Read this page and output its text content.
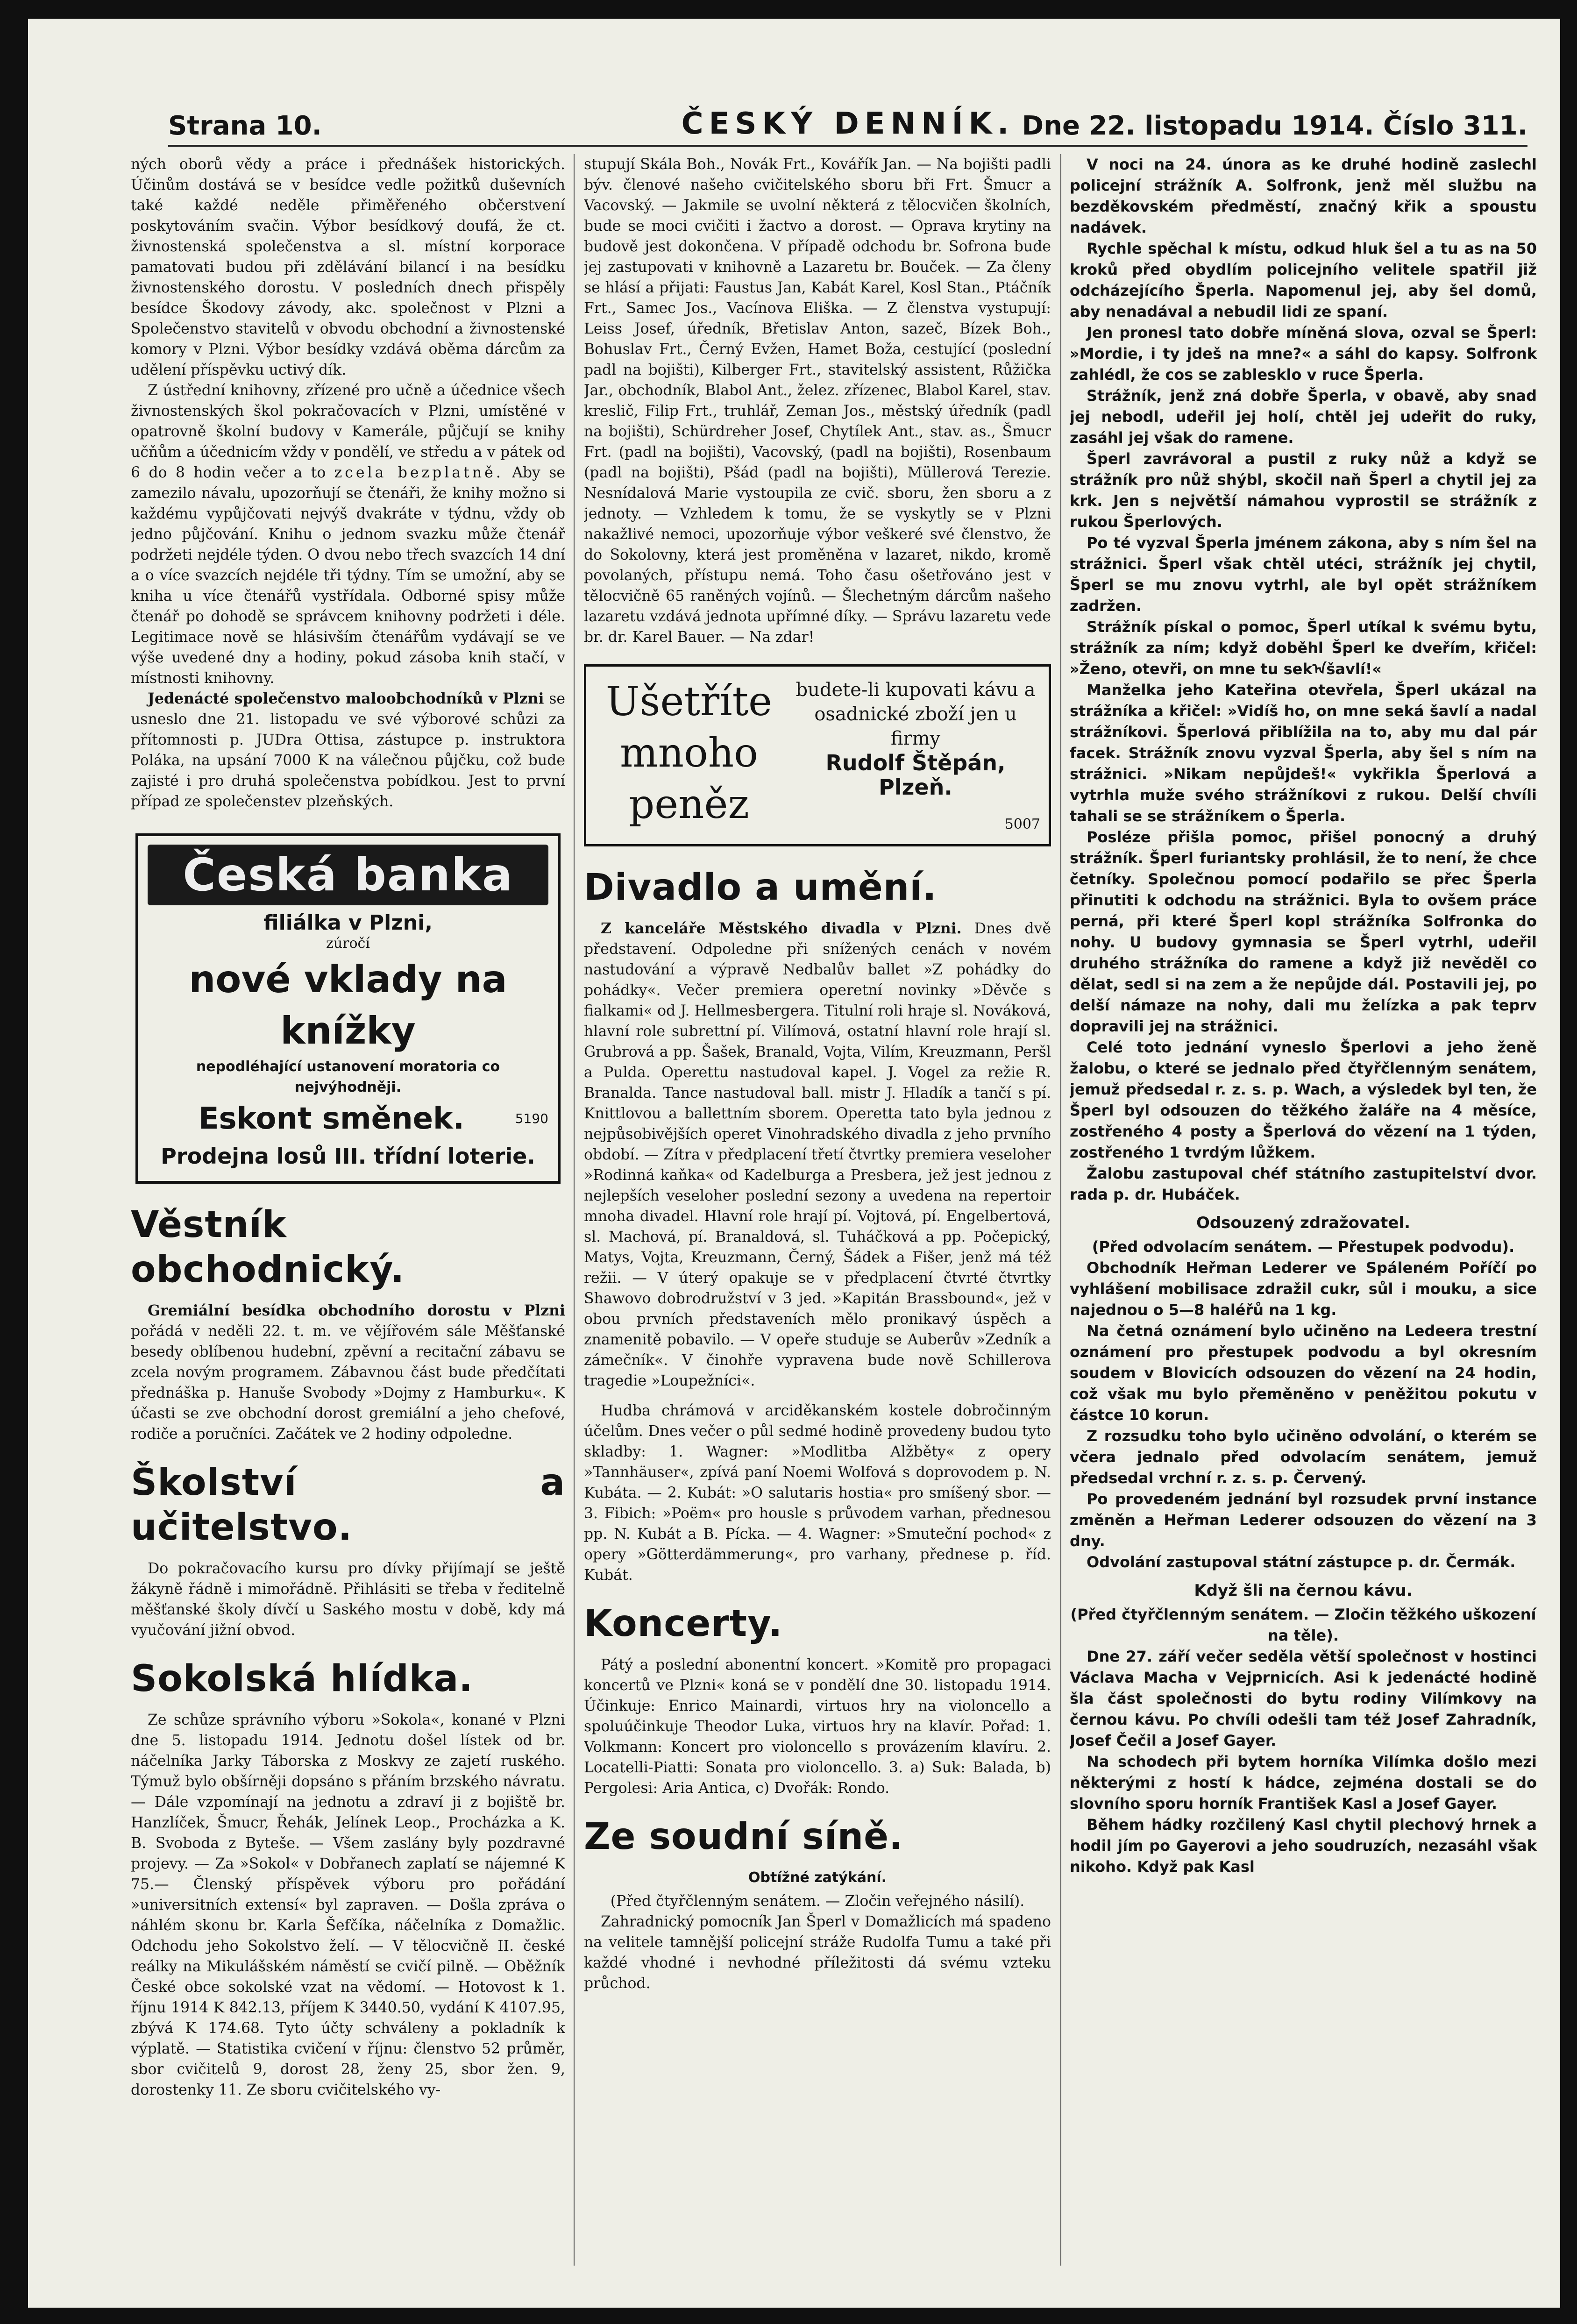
Strana 10.	ČESKÝ DENNÍK. Dne 22. listopadu 1914. Číslo 311.

ných oborů vědy a práce i přednášek historických. Účinům dostává se v besídce vedle požitků duševních také každé neděle přiměřeného občerstvení poskytováním svačin. Výbor besídkový doufá, že ct. živnostenská společenstva a sl. místní korporace pamatovati budou při zdělávání bilancí i na besídku živnostenského dorostu. V posledních dnech přispěly besídce Škodovy závody, akc. společnost v Plzni a Společenstvo stavitelů v obvodu obchodní a živnostenské komory v Plzni. Výbor besídky vzdává oběma dárcům za udělení příspěvku uctivý dík.

Z ústřední knihovny, zřízené pro učně a účednice všech živnostenských škol pokračovacích v Plzni, umístěné v opatrovně školní budovy v Kamerále, půjčují se knihy učňům a účednicím vždy v pondělí, ve středu a v pátek od 6 do 8 hodin večer a to zcela bezplatně. Aby se zamezilo návalu, upozorňují se čtenáři, že knihy možno si každému vypůjčovati nejvýš dvakráte v týdnu, vždy ob jedno půjčování. Knihu o jednom svazku může čtenář podržeti nejdéle týden. O dvou nebo třech svazcích 14 dní a o více svazcích nejdéle tři týdny. Tím se umožní, aby se kniha u více čtenářů vystřídala. Odborné spisy může čtenář po dohodě se správcem knihovny podržeti i déle. Legitimace nově se hlásivším čtenářům vydávají se ve výše uvedené dny a hodiny, pokud zásoba knih stačí, v místnosti knihovny.

Jedenácté společenstvo maloobchodníků v Plzni se usneslo dne 21. listopadu ve své výborové schůzi za přítomnosti p. JUDra Ottisa, zástupce p. instruktora Poláka, na upsání 7000 K na válečnou půjčku, což bude zajisté i pro druhá společenstva pobídkou. Jest to první případ ze společenstev plzeňských.

Česká banka
filiálka v Plzni,
zúročí
nové vklady na knížky
nepodléhající ustanovení moratoria co nejvýhodněji.
Eskont směnek.	5190
Prodejna losů III. třídní loterie.
Věstník obchodnický.

Gremiální besídka obchodního dorostu v Plzni pořádá v neděli 22. t. m. ve vějířovém sále Měšťanské besedy oblíbenou hudební, zpěvní a recitační zábavu se zcela novým programem. Zábavnou část bude předčítati přednáška p. Hanuše Svobody »Dojmy z Hamburku«. K účasti se zve obchodní dorost gremiální a jeho chefové, rodiče a poručníci. Začátek ve 2 hodiny odpoledne.

Školství a učitelstvo.

Do pokračovacího kursu pro dívky přijímají se ještě žákyně řádně i mimořádně. Přihlásiti se třeba v ředitelně měšťanské školy dívčí u Saského mostu v době, kdy má vyučování jižní obvod.

Sokolská hlídka.

Ze schůze správního výboru »Sokola«, konané v Plzni dne 5. listopadu 1914. Jednotu došel lístek od br. náčelníka Jarky Táborska z Moskvy ze zajetí ruského. Týmuž bylo obšírněji dopsáno s přáním brzského návratu. — Dále vzpomínají na jednotu a zdraví ji z bojiště br. Hanzlíček, Šmucr, Řehák, Jelínek Leop., Procházka a K. B. Svoboda z Byteše. — Všem zaslány byly pozdravné projevy. — Za »Sokol« v Dobřanech zaplatí se nájemné K 75.— Členský příspěvek výboru pro pořádání »universitních extensí« byl zapraven. — Došla zpráva o náhlém skonu br. Karla Šefčíka, náčelníka z Domažlic. Odchodu jeho Sokolstvo želí. — V tělocvičně II. české reálky na Mikulášském náměstí se cvičí pilně. — Oběžník České obce sokolské vzat na vědomí. — Hotovost k 1. říjnu 1914 K 842.13, příjem K 3440.50, vydání K 4107.95, zbývá K 174.68. Tyto účty schváleny a pokladník k výplatě. — Statistika cvičení v říjnu: členstvo 52 průměr, sbor cvičitelů 9, dorost 28, ženy 25, sbor žen. 9, dorostenky 11. Ze sboru cvičitelského vy-

stupují Skála Boh., Novák Frt., Kovářík Jan. — Na bojišti padli býv. členové našeho cvičitelského sboru bři Frt. Šmucr a Vacovský. — Jakmile se uvolní některá z tělocvičen školních, bude se moci cvičiti i žactvo a dorost. — Oprava krytiny na budově jest dokončena. V případě odchodu br. Sofrona bude jej zastupovati v knihovně a Lazaretu br. Bouček. — Za členy se hlásí a přijati: Faustus Jan, Kabát Karel, Kosl Stan., Ptáčník Frt., Samec Jos., Vacínova Eliška. — Z členstva vystupují: Leiss Josef, úředník, Břetislav Anton, sazeč, Bízek Boh., Bohuslav Frt., Černý Evžen, Hamet Boža, cestující (poslední padl na bojišti), Kilberger Frt., stavitelský assistent, Růžička Jar., obchodník, Blabol Ant., želez. zřízenec, Blabol Karel, stav. kreslič, Filip Frt., truhlář, Zeman Jos., městský úředník (padl na bojišti), Schürdreher Josef, Chytílek Ant., stav. as., Šmucr Frt. (padl na bojišti), Vacovský, (padl na bojišti), Rosenbaum (padl na bojišti), Pšád (padl na bojišti), Müllerová Terezie. Nesnídalová Marie vystoupila ze cvič. sboru, žen sboru a z jednoty. — Vzhledem k tomu, že se vyskytly se v Plzni nakažlivé nemoci, upozorňuje výbor veškeré své členstvo, že do Sokolovny, která jest proměněna v lazaret, nikdo, kromě povolaných, přístupu nemá. Toho času ošetřováno jest v tělocvičně 65 raněných vojínů. — Šlechetným dárcům našeho lazaretu vzdává jednota upřímné díky. — Správu lazaretu vede br. dr. Karel Bauer. — Na zdar!

Ušetříte mnoho peněz
budete-li kupovati kávu a osadnické zboží jen u firmy
Rudolf Štěpán, Plzeň.
5007
Divadlo a umění.

Z kanceláře Městského divadla v Plzni. Dnes dvě představení. Odpoledne při snížených cenách v novém nastudování a výpravě Nedbalův ballet »Z pohádky do pohádky«. Večer premiera operetní novinky »Děvče s fialkami« od J. Hellmesbergera. Titulní roli hraje sl. Nováková, hlavní role subrettní pí. Vilímová, ostatní hlavní role hrají sl. Grubrová a pp. Šašek, Branald, Vojta, Vilím, Kreuzmann, Peršl a Pulda. Operettu nastudoval kapel. J. Vogel za režie R. Branalda. Tance nastudoval ball. mistr J. Hladík a tančí s pí. Knittlovou a ballettním sborem. Operetta tato byla jednou z nejpůsobivějších operet Vinohradského divadla z jeho prvního období. — Zítra v předplacení třetí čtvrtky premiera veseloher »Rodinná kaňka« od Kadelburga a Presbera, jež jest jednou z nejlepších veseloher poslední sezony a uvedena na repertoir mnoha divadel. Hlavní role hrají pí. Vojtová, pí. Engelbertová, sl. Machová, pí. Branaldová, sl. Tuháčková a pp. Počepický, Matys, Vojta, Kreuzmann, Černý, Šádek a Fišer, jenž má též režii. — V úterý opakuje se v předplacení čtvrté čtvrtky Shawovo dobrodružství v 3 jed. »Kapitán Brassbound«, jež v obou prvních představeních mělo pronikavý úspěch a znamenitě pobavilo. — V opeře studuje se Auberův »Zedník a zámečník«. V činohře vypravena bude nově Schillerova tragedie »Loupežníci«.

Hudba chrámová v arciděkanském kostele dobročinným účelům. Dnes večer o půl sedmé hodině provedeny budou tyto skladby: 1. Wagner: »Modlitba Alžběty« z opery »Tannhäuser«, zpívá paní Noemi Wolfová s doprovodem p. N. Kubáta. — 2. Kubát: »O salutaris hostia« pro smíšený sbor. — 3. Fibich: »Poëm« pro housle s průvodem varhan, přednesou pp. N. Kubát a B. Pícka. — 4. Wagner: »Smuteční pochod« z opery »Götterdämmerung«, pro varhany, přednese p. říd. Kubát.

Koncerty.

Pátý a poslední abonentní koncert. »Komitě pro propagaci koncertů ve Plzni« koná se v pondělí dne 30. listopadu 1914. Účinkuje: Enrico Mainardi, virtuos hry na violoncello a spoluúčinkuje Theodor Luka, virtuos hry na klavír. Pořad: 1. Volkmann: Koncert pro violoncello s provázením klavíru. 2. Locatelli-Piatti: Sonata pro violoncello. 3. a) Suk: Balada, b) Pergolesi: Aria Antica, c) Dvořák: Rondo.

Ze soudní síně.
Obtížné zatýkání.

(Před čtyřčlenným senátem. — Zločin veřejného násilí).

Zahradnický pomocník Jan Šperl v Domažlicích má spadeno na velitele tamnější policejní stráže Rudolfa Tumu a také při každé vhodné i nevhodné příležitosti dá svému vzteku průchod.

V noci na 24. února as ke druhé hodině zaslechl policejní strážník A. Solfronk, jenž měl službu na bezděkovském předměstí, značný křik a spoustu nadávek.

Rychle spěchal k místu, odkud hluk šel a tu as na 50 kroků před obydlím policejního velitele spatřil již odcházejícího Šperla. Napomenul jej, aby šel domů, aby nenadával a nebudil lidi ze spaní.

Jen pronesl tato dobře míněná slova, ozval se Šperl: »Mordie, i ty jdeš na mne?« a sáhl do kapsy. Solfronk zahlédl, že cos se zablesklo v ruce Šperla.

Strážník, jenž zná dobře Šperla, v obavě, aby snad jej nebodl, udeřil jej holí, chtěl jej udeřit do ruky, zasáhl jej však do ramene.

Šperl zavrávoral a pustil z ruky nůž a když se strážník pro nůž shýbl, skočil naň Šperl a chytil jej za krk. Jen s největší námahou vyprostil se strážník z rukou Šperlových.

Po té vyzval Šperla jménem zákona, aby s ním šel na strážnici. Šperl však chtěl utéci, strážník jej chytil, Šperl se mu znovu vytrhl, ale byl opět strážníkem zadržen.

Strážník pískal o pomoc, Šperl utíkal k svému bytu, strážník za ním; když doběhl Šperl ke dveřím, křičel: »Ženo, otevři, on mne tu sekᠠšavlí!«

Manželka jeho Kateřina otevřela, Šperl ukázal na strážníka a křičel: »Vidíš ho, on mne seká šavlí a nadal strážníkovi. Šperlová přiblížila na to, aby mu dal pár facek. Strážník znovu vyzval Šperla, aby šel s ním na strážnici. »Nikam nepůjdeš!« vykřikla Šperlová a vytrhla muže svého strážníkovi z rukou. Delší chvíli tahali se se strážníkem o Šperla.

Posléze přišla pomoc, přišel ponocný a druhý strážník. Šperl furiantsky prohlásil, že to není, že chce četníky. Společnou pomocí podařilo se přec Šperla přinutiti k odchodu na strážnici. Byla to ovšem práce perná, při které Šperl kopl strážníka Solfronka do nohy. U budovy gymnasia se Šperl vytrhl, udeřil druhého strážníka do ramene a když již nevěděl co dělat, sedl si na zem a že nepůjde dál. Postavili jej, po delší námaze na nohy, dali mu želízka a pak teprv dopravili jej na strážnici.

Celé toto jednání vyneslo Šperlovi a jeho ženě žalobu, o které se jednalo před čtyřčlenným senátem, jemuž předsedal r. z. s. p. Wach, a výsledek byl ten, že Šperl byl odsouzen do těžkého žaláře na 4 měsíce, zostřeného 4 posty a Šperlová do vězení na 1 týden, zostřeného 1 tvrdým lůžkem.

Žalobu zastupoval chéf státního zastupitelství dvor. rada p. dr. Hubáček.

Odsouzený zdražovatel.

(Před odvolacím senátem. — Přestupek podvodu).

Obchodník Heřman Lederer ve Spáleném Poříčí po vyhlášení mobilisace zdražil cukr, sůl i mouku, a sice najednou o 5—8 haléřů na 1 kg.

Na četná oznámení bylo učiněno na Ledeera trestní oznámení pro přestupek podvodu a byl okresním soudem v Blovicích odsouzen do vězení na 24 hodin, což však mu bylo přeměněno v peněžitou pokutu v částce 10 korun.

Z rozsudku toho bylo učiněno odvolání, o kterém se včera jednalo před odvolacím senátem, jemuž předsedal vrchní r. z. s. p. Červený.

Po provedeném jednání byl rozsudek první instance změněn a Heřman Lederer odsouzen do vězení na 3 dny.

Odvolání zastupoval státní zástupce p. dr. Čermák.

Když šli na černou kávu.

(Před čtyřčlenným senátem. — Zločin těžkého uškození na těle).

Dne 27. září večer seděla větší společnost v hostinci Václava Macha v Vejprnicích. Asi k jedenácté hodině šla část společnosti do bytu rodiny Vilímkovy na černou kávu. Po chvíli odešli tam též Josef Zahradník, Josef Čečil a Josef Gayer.

Na schodech při bytem horníka Vilímka došlo mezi některými z hostí k hádce, zejména dostali se do slovního sporu horník František Kasl a Josef Gayer.

Během hádky rozčilený Kasl chytil plechový hrnek a hodil jím po Gayerovi a jeho soudruzích, nezasáhl však nikoho. Když pak Kasl
